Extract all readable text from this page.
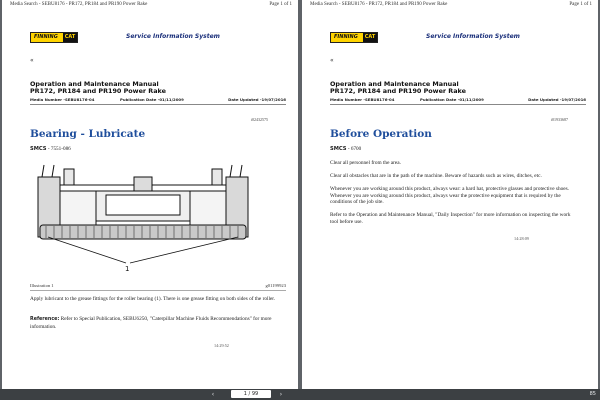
Media Search - SEBU8176 - PR172, PR184 and PR190 Power Rake	Page 1 of 1
FINNING	CAT	Service Information System
«
Operation and Maintenance Manual
PR172, PR184 and PR190 Power Rake
Media Number -SEBU8176-04	Publication Date -01/11/2009	Date Updated -19/07/2016
i02432575
Bearing - Lubricate
SMCS - 7551-086
1
Illustration 1	g01199923
Apply lubricant to the grease fittings for the roller bearing (1). There is one grease fitting on both sides of the roller.
Reference: Refer to Special Publication, SEBU6250, "Caterpillar Machine Fluids Recommendations" for more information.
14:29:52
Media Search - SEBU8176 - PR172, PR184 and PR190 Power Rake	Page 1 of 1
FINNING	CAT	Service Information System
«
Operation and Maintenance Manual
PR172, PR184 and PR190 Power Rake
Media Number -SEBU8176-04	Publication Date -01/11/2009	Date Updated -19/07/2016
i01933687
Before Operation
SMCS - 6700
Clear all personnel from the area.
Clear all obstacles that are in the path of the machine. Beware of hazards such as wires, ditches, etc.
Whenever you are working around this product, always wear: a hard hat, protective glasses and protective shoes. Whenever you are working around this product, always wear the protective equipment that is required by the conditions of the job site.
Refer to the Operation and Maintenance Manual, "Daily Inspection" for more information on inspecting the work tool before use.
14:28:09
‹	1 / 99	›	85
